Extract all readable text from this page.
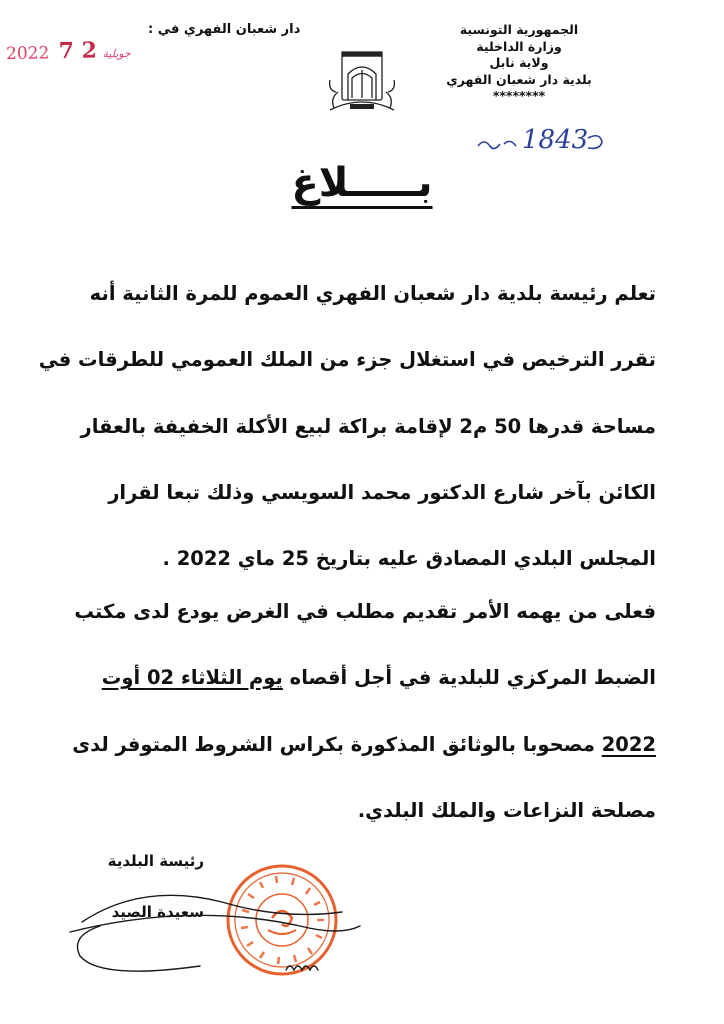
الجمهورية التونسية
وزارة الداخلية
ولاية نابل
بلدية دار شعبان الفهري
********
1843
دار شعبان الفهري في :
2022	جويلية 2 7
بـــــلاغ
تعلم رئيسة بلدية دار شعبان الفهري العموم للمرة الثانية أنه
تقرر الترخيص في استغلال جزء من الملك العمومي للطرقات في
مساحة قدرها 50 م2 لإقامة براكة لبيع الأكلة الخفيفة بالعقار
الكائن بآخر شارع الدكتور محمد السويسي وذلك تبعا لقرار
المجلس البلدي المصادق عليه بتاريخ 25 ماي 2022 .
فعلى من يهمه الأمر تقديم مطلب في الغرض يودع لدى مكتب
الضبط المركزي للبلدية في أجل أقصاه يوم الثلاثاء 02 أوت
2022 مصحوبا بالوثائق المذكورة بكراس الشروط المتوفر لدى
مصلحة النزاعات والملك البلدي.
رئيسة البلدية
سعيدة الصيد
